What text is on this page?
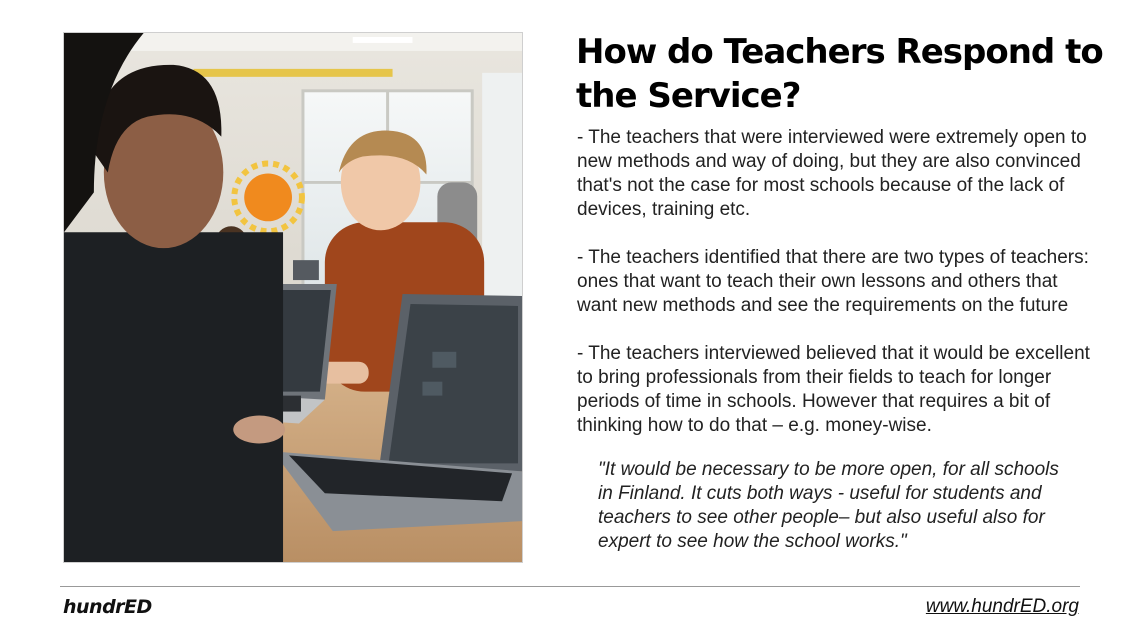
How do Teachers Respond to the Service?

- The teachers that were interviewed were extremely open to new methods and way of doing, but they are also convinced that's not the case for most schools because of the lack of devices, training etc.

- The teachers identified that there are two types of teachers: ones that want to teach their own lessons and others that want new methods and see the requirements on the future

- The teachers interviewed believed that it would be excellent to bring professionals from their fields to teach for longer periods of time in schools. However that requires a bit of thinking how to do that – e.g. money-wise.

"It would be necessary to be more open, for all schools in Finland. It cuts both ways - useful for students and teachers to see other people– but also useful also for expert to see how the school works."

hundrED	www.hundrED.org
